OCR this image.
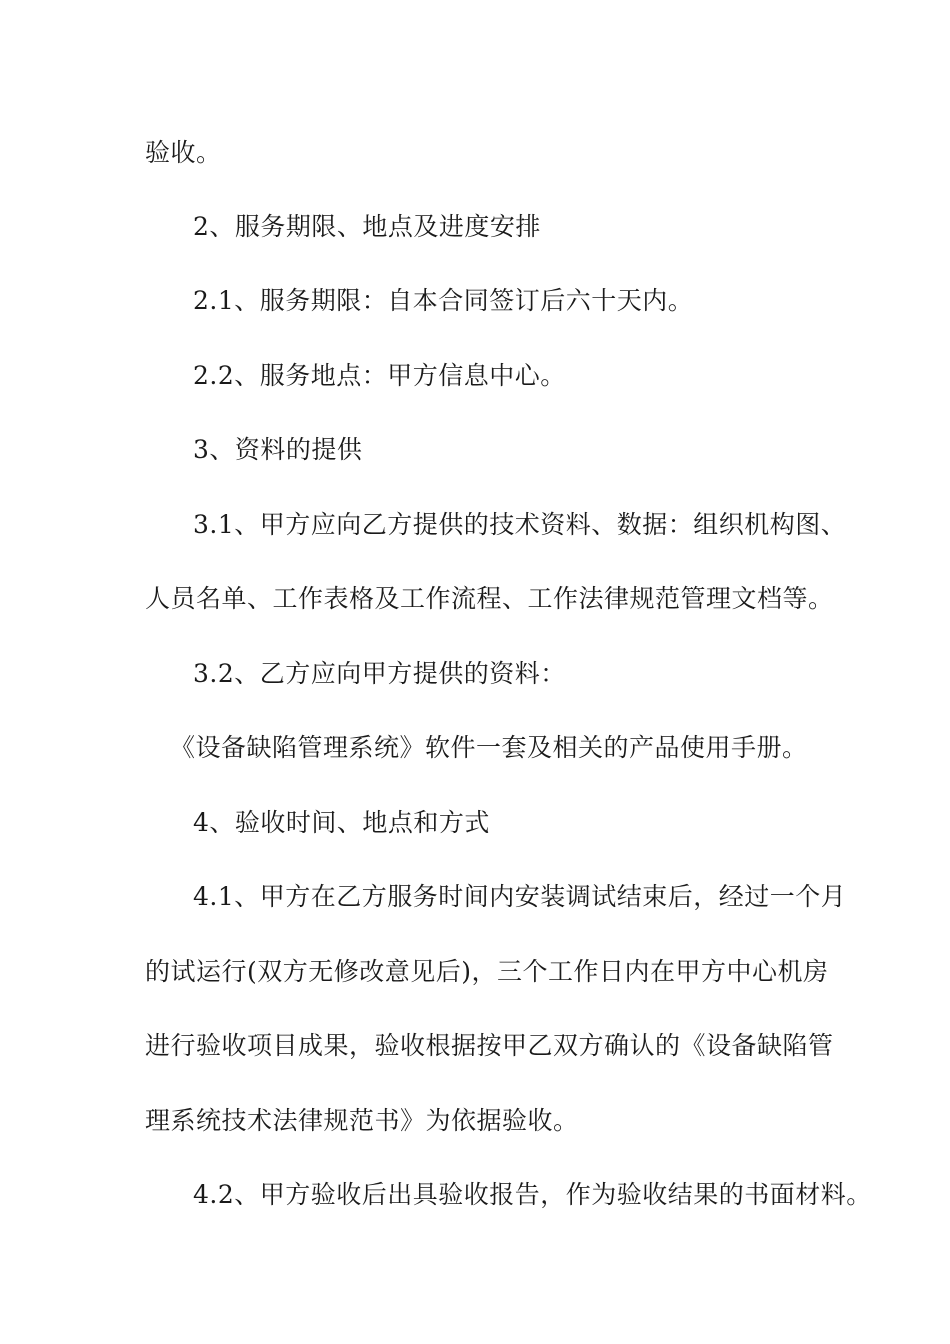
验收。
2、服务期限、地点及进度安排
2.1、服务期限：自本合同签订后六十天内。
2.2、服务地点：甲方信息中心。
3、资料的提供
3.1、甲方应向乙方提供的技术资料、数据：组织机构图、
人员名单、工作表格及工作流程、工作法律规范管理文档等。
3.2、乙方应向甲方提供的资料：
《设备缺陷管理系统》软件一套及相关的产品使用手册。
4、验收时间、地点和方式
4.1、甲方在乙方服务时间内安装调试结束后，经过一个月
的试运行(双方无修改意见后)，三个工作日内在甲方中心机房
进行验收项目成果，验收根据按甲乙双方确认的《设备缺陷管
理系统技术法律规范书》为依据验收。
4.2、甲方验收后出具验收报告，作为验收结果的书面材料。
